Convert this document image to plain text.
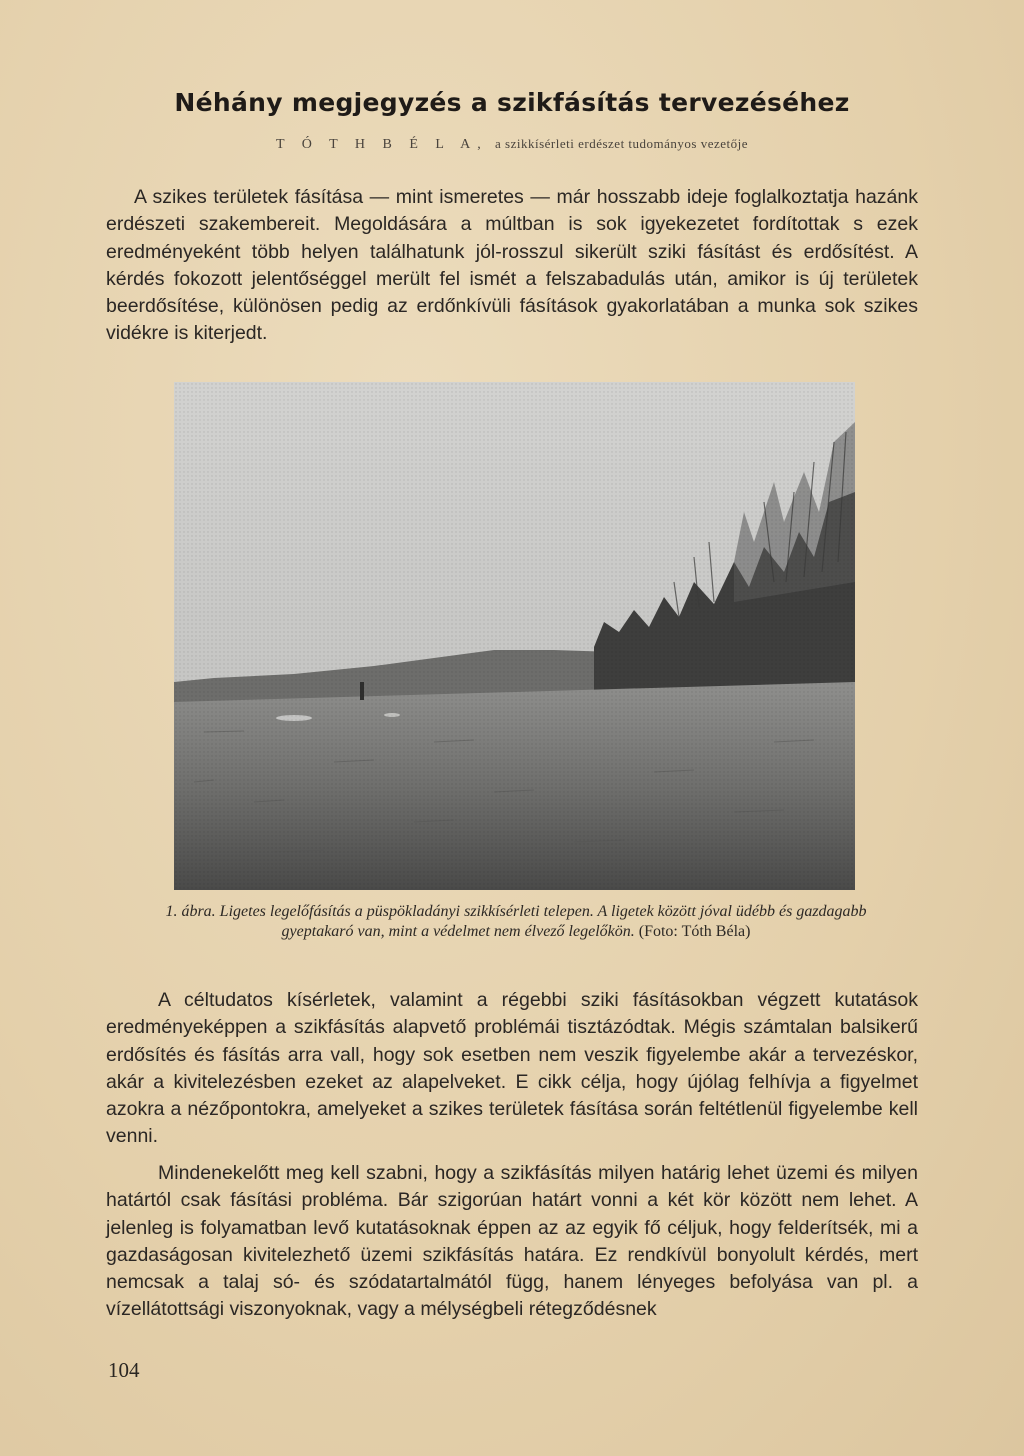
Néhány megjegyzés a szikfásítás tervezéséhez
T Ó T H B É L A, a szikkísérleti erdészet tudományos vezetője

A szikes területek fásítása — mint ismeretes — már hosszabb ideje foglalkoztatja hazánk erdészeti szakembereit. Megoldására a múltban is sok igyekezetet fordítottak s ezek eredményeként több helyen találhatunk jól-rosszul sikerült sziki fásítást és erdősítést. A kérdés fokozott jelentőséggel merült fel ismét a felszabadulás után, amikor is új területek beerdősítése, különösen pedig az erdőnkívüli fásítások gyakorlatában a munka sok szikes vidékre is kiterjedt.

1. ábra. Ligetes legelőfásítás a püspökladányi szikkísérleti telepen. A ligetek között jóval üdébb és gazdagabb gyeptakaró van, mint a védelmet nem élvező legelőkön. (Foto: Tóth Béla)

A céltudatos kísérletek, valamint a régebbi sziki fásításokban végzett kutatások eredményeképpen a szikfásítás alapvető problémái tisztázódtak. Mégis számtalan balsikerű erdősítés és fásítás arra vall, hogy sok esetben nem veszik figyelembe akár a tervezéskor, akár a kivitelezésben ezeket az alapelveket. E cikk célja, hogy újólag felhívja a figyelmet azokra a nézőpontokra, amelyeket a szikes területek fásítása során feltétlenül figyelembe kell venni.

Mindenekelőtt meg kell szabni, hogy a szikfásítás milyen határig lehet üzemi és milyen határtól csak fásítási probléma. Bár szigorúan határt vonni a két kör között nem lehet. A jelenleg is folyamatban levő kutatásoknak éppen az az egyik fő céljuk, hogy felderítsék, mi a gazdaságosan kivitelezhető üzemi szikfásítás határa. Ez rendkívül bonyolult kérdés, mert nemcsak a talaj só- és szódatartalmától függ, hanem lényeges befolyása van pl. a vízellátottsági viszonyoknak, vagy a mélységbeli rétegződésnek

104
